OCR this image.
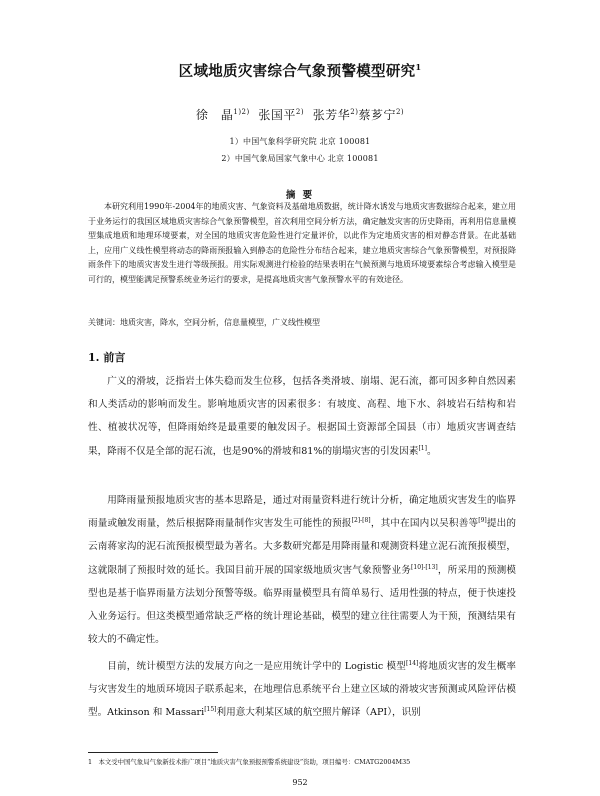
区域地质灾害综合气象预警模型研究$^1$
徐　晶$^{1)2)}$ 张国平$^{2)}$ 张芳华$^{2)}$蔡芗宁$^{2)}$
1）中国气象科学研究院 北京 100081
2）中国气象局国家气象中心 北京 100081
摘 要
本研究利用1990年-2004年的地质灾害、气象资料及基础地质数据，统计降水诱发与地质灾害数据综合起来，建立用于业务运行的我国区域地质灾害综合气象预警模型，首次利用空间分析方法，确定触发灾害的历史降雨，再利用信息量模型集成地质和地理环境要素，对全国的地质灾害危险性进行定量评价，以此作为定地质灾害的相对静态背景。在此基础上，应用广义线性模型将动态的降雨预报输入到静态的危险性分布结合起来，建立地质灾害综合气象预警模型，对预报降雨条件下的地质灾害发生进行等级预报。用实际观测进行检验的结果表明在气候预测与地质环境要素综合考虑输入模型是可行的，模型能满足预警系统业务运行的要求，是提高地质灾害气象预警水平的有效途径。
关键词：地质灾害，降水，空间分析，信息量模型，广义线性模型
1. 前言
广义的滑坡，泛指岩土体失稳而发生位移，包括各类滑坡、崩塌、泥石流，都可因多种自然因素和人类活动的影响而发生。影响地质灾害的因素很多：有坡度、高程、地下水、斜坡岩石结构和岩性、植被状况等，但降雨始终是最重要的触发因子。根据国土资源部全国县（市）地质灾害调查结果，降雨不仅是全部的泥石流，也是90%的滑坡和81%的崩塌灾害的引发因素[1]。
用降雨量预报地质灾害的基本思路是，通过对雨量资料进行统计分析，确定地质灾害发生的临界雨量或触发雨量，然后根据降雨量制作灾害发生可能性的预报[2]-[8]，其中在国内以吴积善等[9]提出的云南蒋家沟的泥石流预报模型最为著名。大多数研究都是用降雨量和观测资料建立泥石流预报模型，这就限制了预报时效的延长。我国目前开展的国家级地质灾害气象预警业务[10]-[13]，所采用的预测模型也是基于临界雨量方法划分预警等级。临界雨量模型具有简单易行、适用性强的特点，便于快速投入业务运行。但这类模型通常缺乏严格的统计理论基础，模型的建立往往需要人为干预，预测结果有较大的不确定性。
目前，统计模型方法的发展方向之一是应用统计学中的 Logistic 模型[14]将地质灾害的发生概率与灾害发生的地质环境因子联系起来，在地理信息系统平台上建立区域的滑坡灾害预测或风险评估模型。Atkinson 和 Massari[15]利用意大利某区域的航空照片解译（API），识别
1　本文受中国气象局气象新技术推广项目“地质灾害气象预报预警系统建设”资助，项目编号：CMATG2004M35
952
